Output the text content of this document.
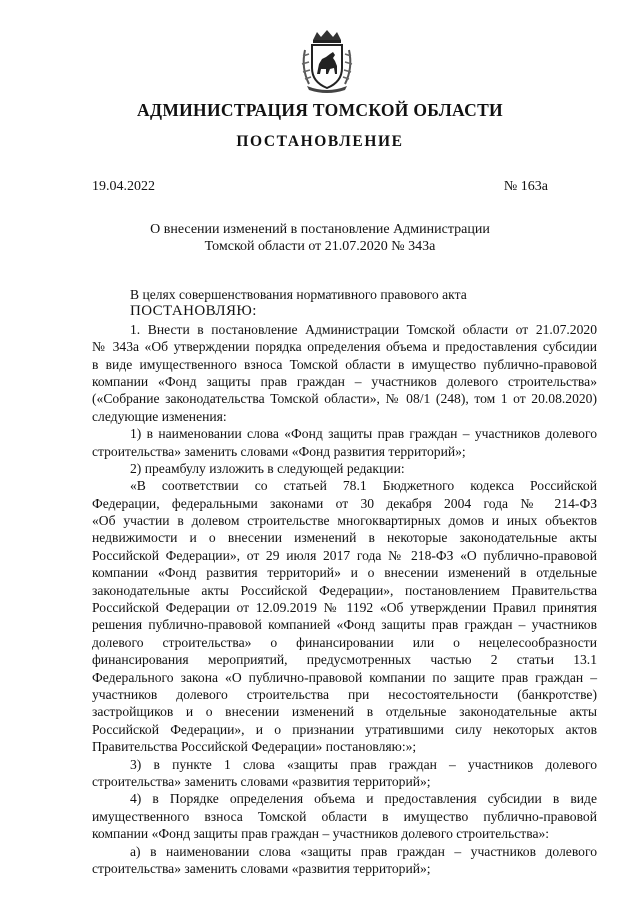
АДМИНИСТРАЦИЯ ТОМСКОЙ ОБЛАСТИ
ПОСТАНОВЛЕНИЕ
19.04.2022	№ 163а
О внесении изменений в постановление Администрации
Томской области от 21.07.2020 № 343а
В целях совершенствования нормативного правового акта
ПОСТАНОВЛЯЮ:
1. Внести в постановление Администрации Томской области от 21.07.2020
№ 343а «Об утверждении порядка определения объема и предоставления субсидии
в виде имущественного взноса Томской области в имущество публично-правовой
компании «Фонд защиты прав граждан – участников долевого строительства»
(«Собрание законодательства Томской области», № 08/1 (248), том 1 от 20.08.2020)
следующие изменения:
1) в наименовании слова «Фонд защиты прав граждан – участников долевого
строительства» заменить словами «Фонд развития территорий»;
2) преамбулу изложить в следующей редакции:
«В соответствии со статьей 78.1 Бюджетного кодекса Российской
Федерации, федеральными законами от 30 декабря 2004 года № 214-ФЗ
«Об участии в долевом строительстве многоквартирных домов и иных объектов
недвижимости и о внесении изменений в некоторые законодательные акты
Российской Федерации», от 29 июля 2017 года № 218-ФЗ «О публично-правовой
компании «Фонд развития территорий» и о внесении изменений в отдельные
законодательные акты Российской Федерации», постановлением Правительства
Российской Федерации от 12.09.2019 № 1192 «Об утверждении Правил принятия
решения публично-правовой компанией «Фонд защиты прав граждан – участников
долевого строительства» о финансировании или о нецелесообразности
финансирования мероприятий, предусмотренных частью 2 статьи 13.1
Федерального закона «О публично-правовой компании по защите прав граждан –
участников долевого строительства при несостоятельности (банкротстве)
застройщиков и о внесении изменений в отдельные законодательные акты
Российской Федерации», и о признании утратившими силу некоторых актов
Правительства Российской Федерации» постановляю:»;
3) в пункте 1 слова «защиты прав граждан – участников долевого
строительства» заменить словами «развития территорий»;
4) в Порядке определения объема и предоставления субсидии в виде
имущественного взноса Томской области в имущество публично-правовой
компании «Фонд защиты прав граждан – участников долевого строительства»:
а) в наименовании слова «защиты прав граждан – участников долевого
строительства» заменить словами «развития территорий»;
